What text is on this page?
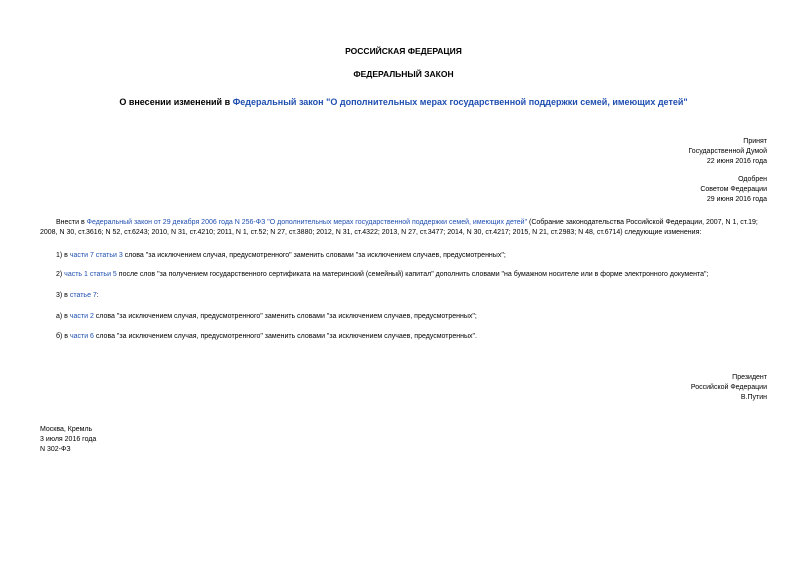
РОССИЙСКАЯ ФЕДЕРАЦИЯ
ФЕДЕРАЛЬНЫЙ ЗАКОН
О внесении изменений в Федеральный закон "О дополнительных мерах государственной поддержки семей, имеющих детей"
Принят
Государственной Думой
22 июня 2016 года
Одобрен
Советом Федерации
29 июня 2016 года
Внести в Федеральный закон от 29 декабря 2006 года N 256-ФЗ "О дополнительных мерах государственной поддержки семей, имеющих детей" (Собрание законодательства Российской Федерации, 2007, N 1, ст.19; 2008, N 30, ст.3616; N 52, ст.6243; 2010, N 31, ст.4210; 2011, N 1, ст.52; N 27, ст.3880; 2012, N 31, ст.4322; 2013, N 27, ст.3477; 2014, N 30, ст.4217; 2015, N 21, ст.2983; N 48, ст.6714) следующие изменения:
1) в части 7 статьи 3 слова "за исключением случая, предусмотренного" заменить словами "за исключением случаев, предусмотренных";
2) часть 1 статьи 5 после слов "за получением государственного сертификата на материнский (семейный) капитал" дополнить словами "на бумажном носителе или в форме электронного документа";
3) в статье 7:
а) в части 2 слова "за исключением случая, предусмотренного" заменить словами "за исключением случаев, предусмотренных";
б) в части 6 слова "за исключением случая, предусмотренного" заменить словами "за исключением случаев, предусмотренных".
Президент
Российской Федерации
В.Путин
Москва, Кремль
3 июля 2016 года
N 302-ФЗ
